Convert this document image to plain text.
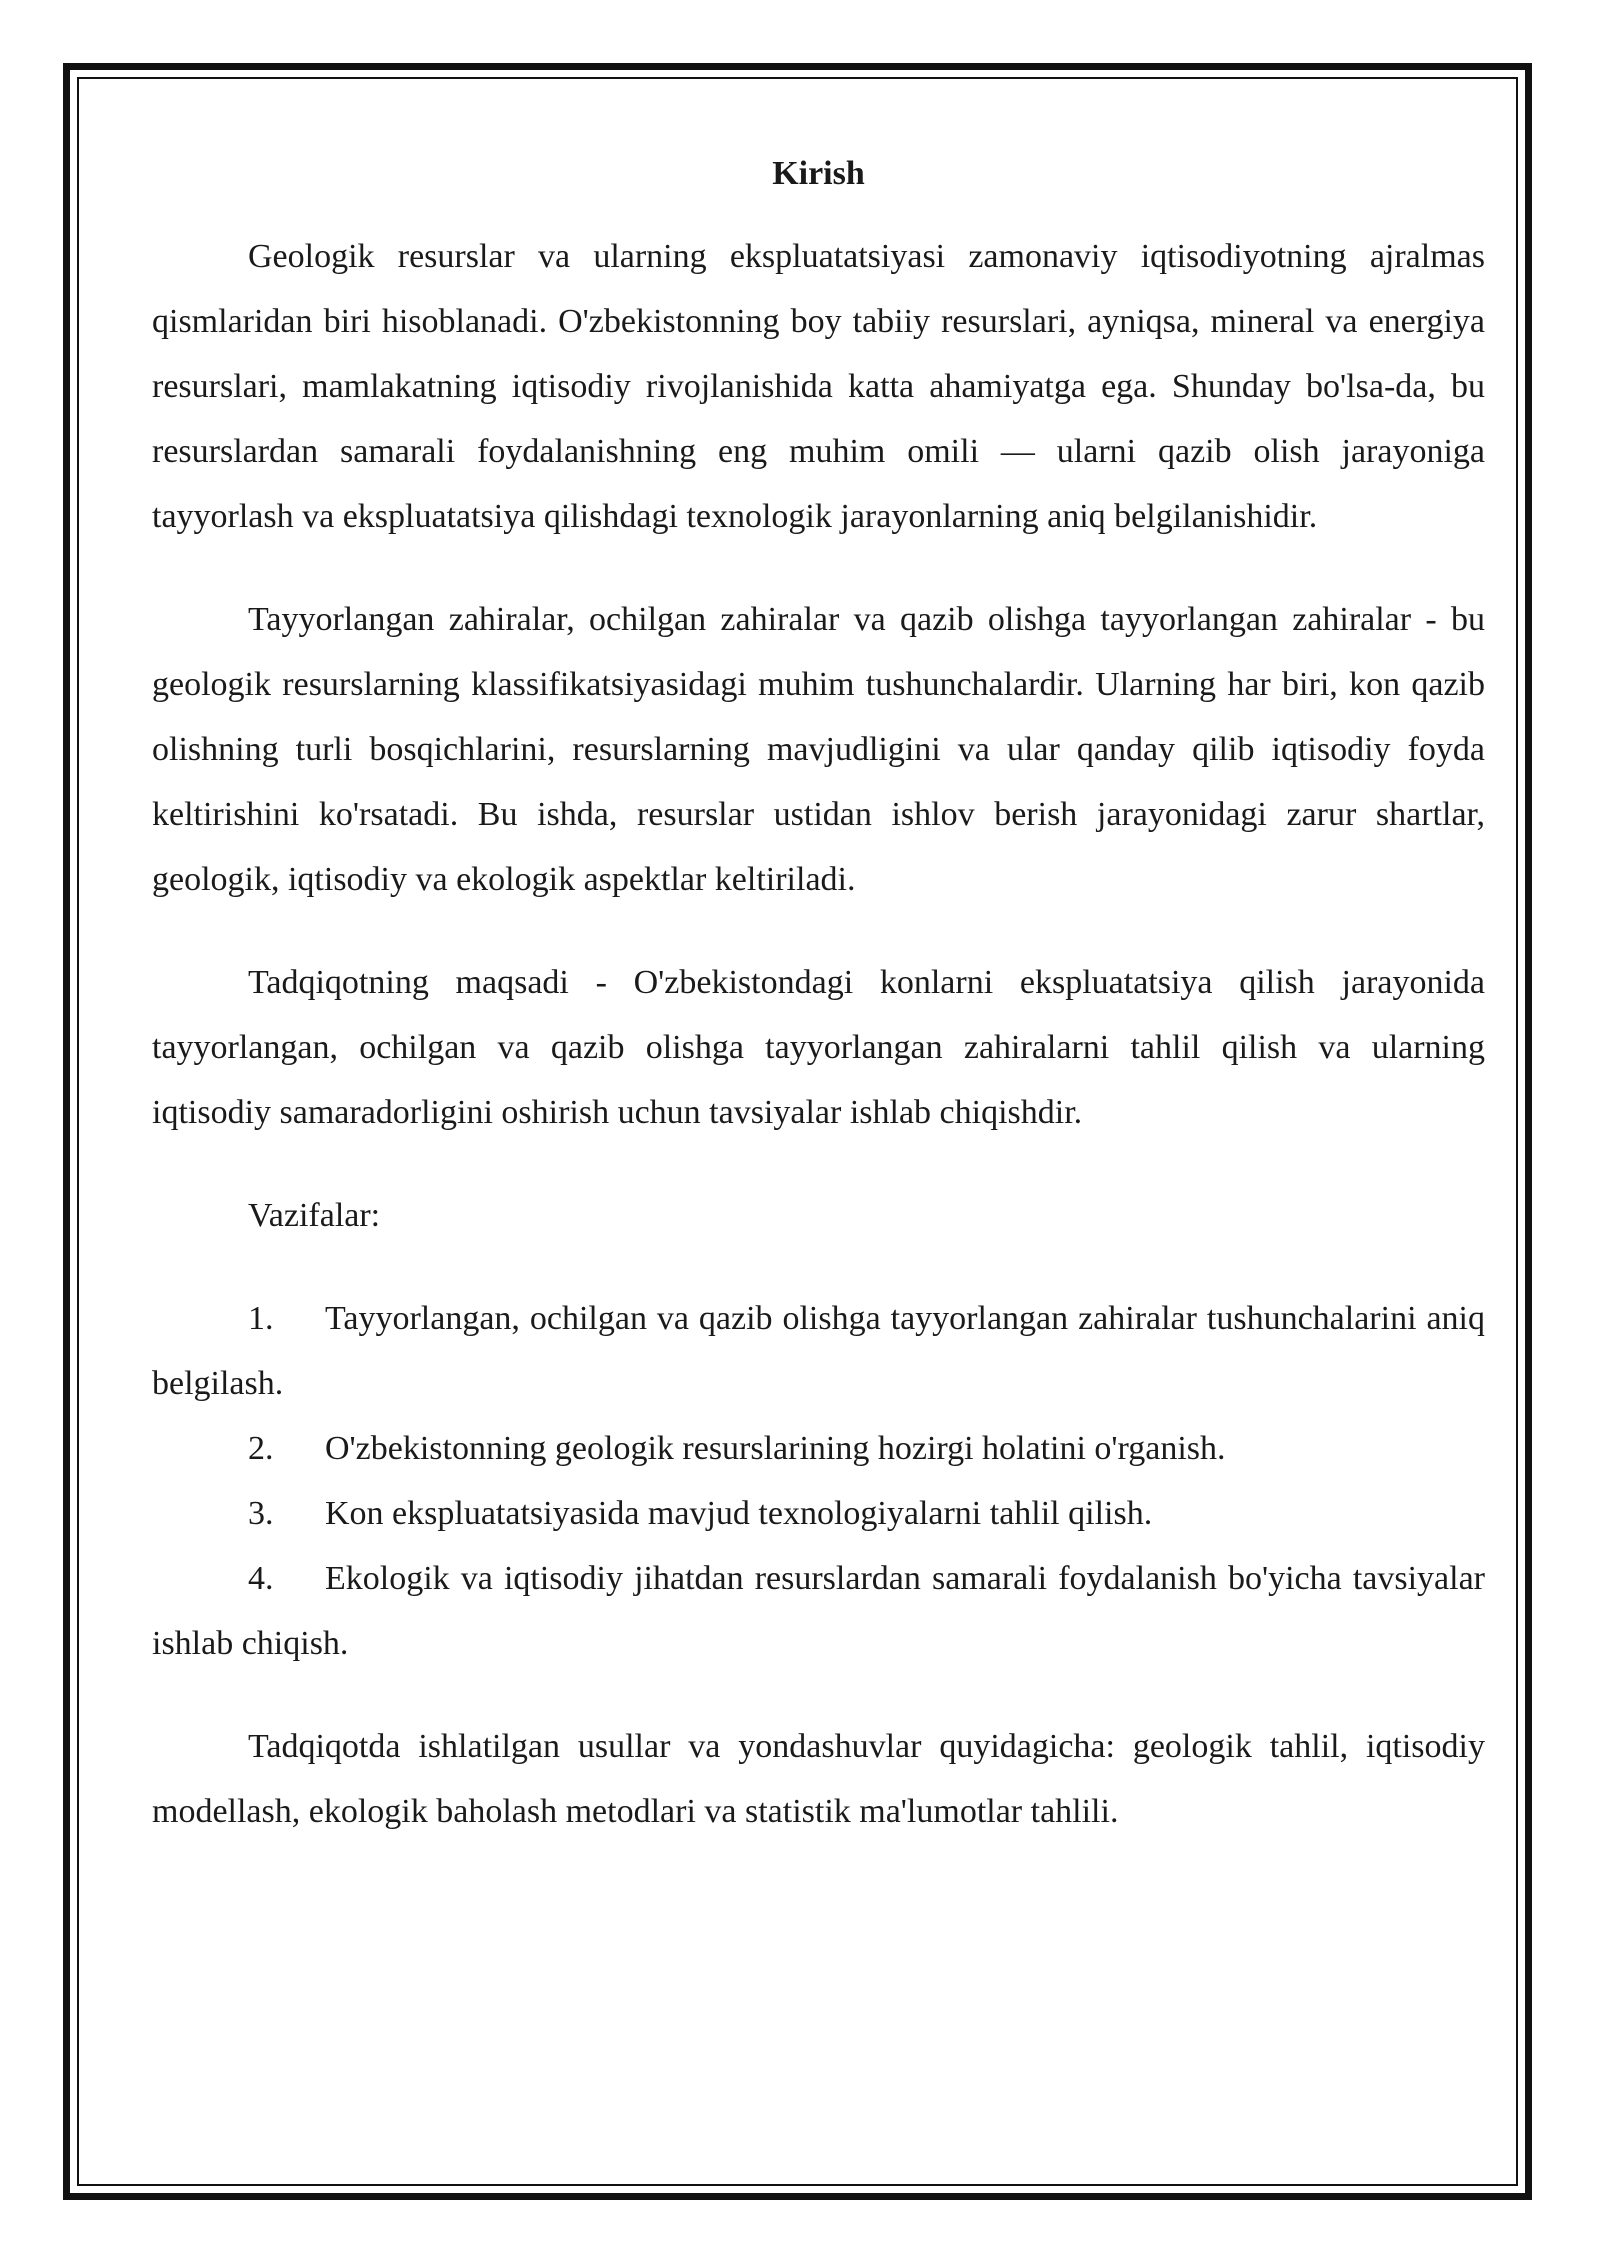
Kirish

Geologik resurslar va ularning ekspluatatsiyasi zamonaviy iqtisodiyotning ajralmas qismlaridan biri hisoblanadi. O'zbekistonning boy tabiiy resurslari, ayniqsa, mineral va energiya resurslari, mamlakatning iqtisodiy rivojlanishida katta ahamiyatga ega. Shunday bo'lsa-da, bu resurslardan samarali foydalanishning eng muhim omili — ularni qazib olish jarayoniga tayyorlash va ekspluatatsiya qilishdagi texnologik jarayonlarning aniq belgilanishidir.

Tayyorlangan zahiralar, ochilgan zahiralar va qazib olishga tayyorlangan zahiralar - bu geologik resurslarning klassifikatsiyasidagi muhim tushunchalardir. Ularning har biri, kon qazib olishning turli bosqichlarini, resurslarning mavjudligini va ular qanday qilib iqtisodiy foyda keltirishini ko'rsatadi. Bu ishda, resurslar ustidan ishlov berish jarayonidagi zarur shartlar, geologik, iqtisodiy va ekologik aspektlar keltiriladi.

Tadqiqotning maqsadi - O'zbekistondagi konlarni ekspluatatsiya qilish jarayonida tayyorlangan, ochilgan va qazib olishga tayyorlangan zahiralarni tahlil qilish va ularning iqtisodiy samaradorligini oshirish uchun tavsiyalar ishlab chiqishdir.

Vazifalar:

1. Tayyorlangan, ochilgan va qazib olishga tayyorlangan zahiralar tushunchalarini aniq belgilash.

2. O'zbekistonning geologik resurslarining hozirgi holatini o'rganish.

3. Kon ekspluatatsiyasida mavjud texnologiyalarni tahlil qilish.

4. Ekologik va iqtisodiy jihatdan resurslardan samarali foydalanish bo'yicha tavsiyalar ishlab chiqish.

Tadqiqotda ishlatilgan usullar va yondashuvlar quyidagicha: geologik tahlil, iqtisodiy modellash, ekologik baholash metodlari va statistik ma'lumotlar tahlili.
